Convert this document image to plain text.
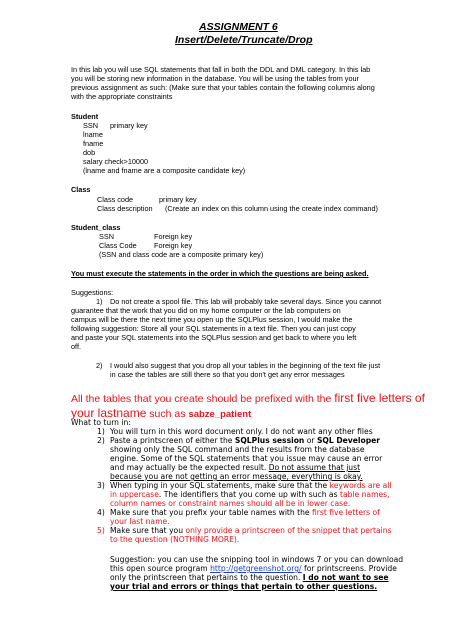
ASSIGNMENT 6
Insert/Delete/Truncate/Drop
In this lab you will use SQL statements that fall in both the DDL and DML category. In this lab
you will be storing new information in the database. You will be using the tables from your
previous assignment as such: (Make sure that your tables contain the following columns along
with the appropriate constraints
Student
SSN primary key
lname
fname
dob
salary check>10000
(lname and fname are a composite candidate key)
Class
Class code	primary key
Class description (Create an index on this column using the create index command)
Student_class
SSN	Foreign key
Class Code Foreign key
(SSN and class code are a composite primary key)
You must execute the statements in the order in which the questions are being asked.
Suggestions:
1) Do not create a spool file. This lab will probably take several days. Since you cannot
guarantee that the work that you did on my home computer or the lab computers on
campus will be there the next time you open up the SQLPlus session, I would make the
following suggestion: Store all your SQL statements in a text file. Then you can just copy
and paste your SQL statements into the SQLPlus session and get back to where you left
off.
2) I would also suggest that you drop all your tables in the beginning of the text file just
in case the tables are still there so that you don't get any error messages
All the tables that you create should be prefixed with the first five letters of
your lastname such as sabze_patient
What to turn in:
1) You will turn in this word document only. I do not want any other files
2) Paste a printscreen of either the SQLPlus session or SQL Developer
showing only the SQL command and the results from the database
engine. Some of the SQL statements that you issue may cause an error
and may actually be the expected result. Do not assume that just
because you are not getting an error message, everything is okay.
3) When typing in your SQL statements, make sure that the keywords are all
in uppercase. The identifiers that you come up with such as table names,
column names or constraint names should all be in lower case.
4) Make sure that you prefix your table names with the first five letters of
your last name.
5) Make sure that you only provide a printscreen of the snippet that pertains
to the question (NOTHING MORE).
Suggestion: you can use the snipping tool in windows 7 or you can download
this open source program http://getgreenshot.org/ for printscreens. Provide
only the printscreen that pertains to the question. I do not want to see
your trial and errors or things that pertain to other questions.
